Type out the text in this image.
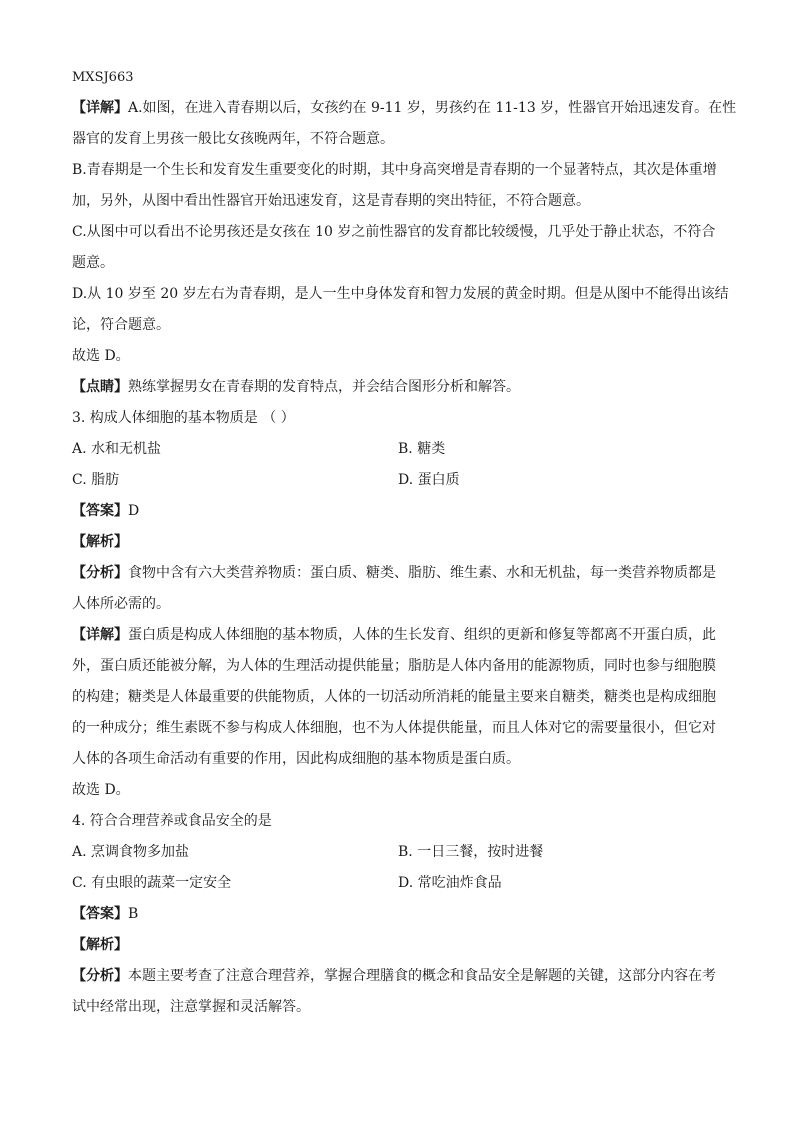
MXSJ663
【详解】A.如图，在进入青春期以后，女孩约在 9-11 岁，男孩约在 11-13 岁，性器官开始迅速发育。在性
器官的发育上男孩一般比女孩晚两年，不符合题意。
B.青春期是一个生长和发育发生重要变化的时期，其中身高突增是青春期的一个显著特点，其次是体重增
加，另外，从图中看出性器官开始迅速发育，这是青春期的突出特征，不符合题意。
C.从图中可以看出不论男孩还是女孩在 10 岁之前性器官的发育都比较缓慢，几乎处于静止状态，不符合
题意。
D.从 10 岁至 20 岁左右为青春期，是人一生中身体发育和智力发展的黄金时期。但是从图中不能得出该结
论，符合题意。
故选 D。
【点睛】熟练掌握男女在青春期的发育特点，并会结合图形分析和解答。
3. 构成人体细胞的基本物质是 （ ）
A. 水和无机盐	B. 糖类
C. 脂肪	D. 蛋白质
【答案】D
【解析】
【分析】食物中含有六大类营养物质：蛋白质、糖类、脂肪、维生素、水和无机盐，每一类营养物质都是
人体所必需的。
【详解】蛋白质是构成人体细胞的基本物质，人体的生长发育、组织的更新和修复等都离不开蛋白质，此
外，蛋白质还能被分解，为人体的生理活动提供能量；脂肪是人体内备用的能源物质，同时也参与细胞膜
的构建；糖类是人体最重要的供能物质，人体的一切活动所消耗的能量主要来自糖类，糖类也是构成细胞
的一种成分；维生素既不参与构成人体细胞，也不为人体提供能量，而且人体对它的需要量很小，但它对
人体的各项生命活动有重要的作用，因此构成细胞的基本物质是蛋白质。
故选 D。
4. 符合合理营养或食品安全的是
A. 烹调食物多加盐	B. 一日三餐，按时进餐
C. 有虫眼的蔬菜一定安全	D. 常吃油炸食品
【答案】B
【解析】
【分析】本题主要考查了注意合理营养，掌握合理膳食的概念和食品安全是解题的关键，这部分内容在考
试中经常出现，注意掌握和灵活解答。
